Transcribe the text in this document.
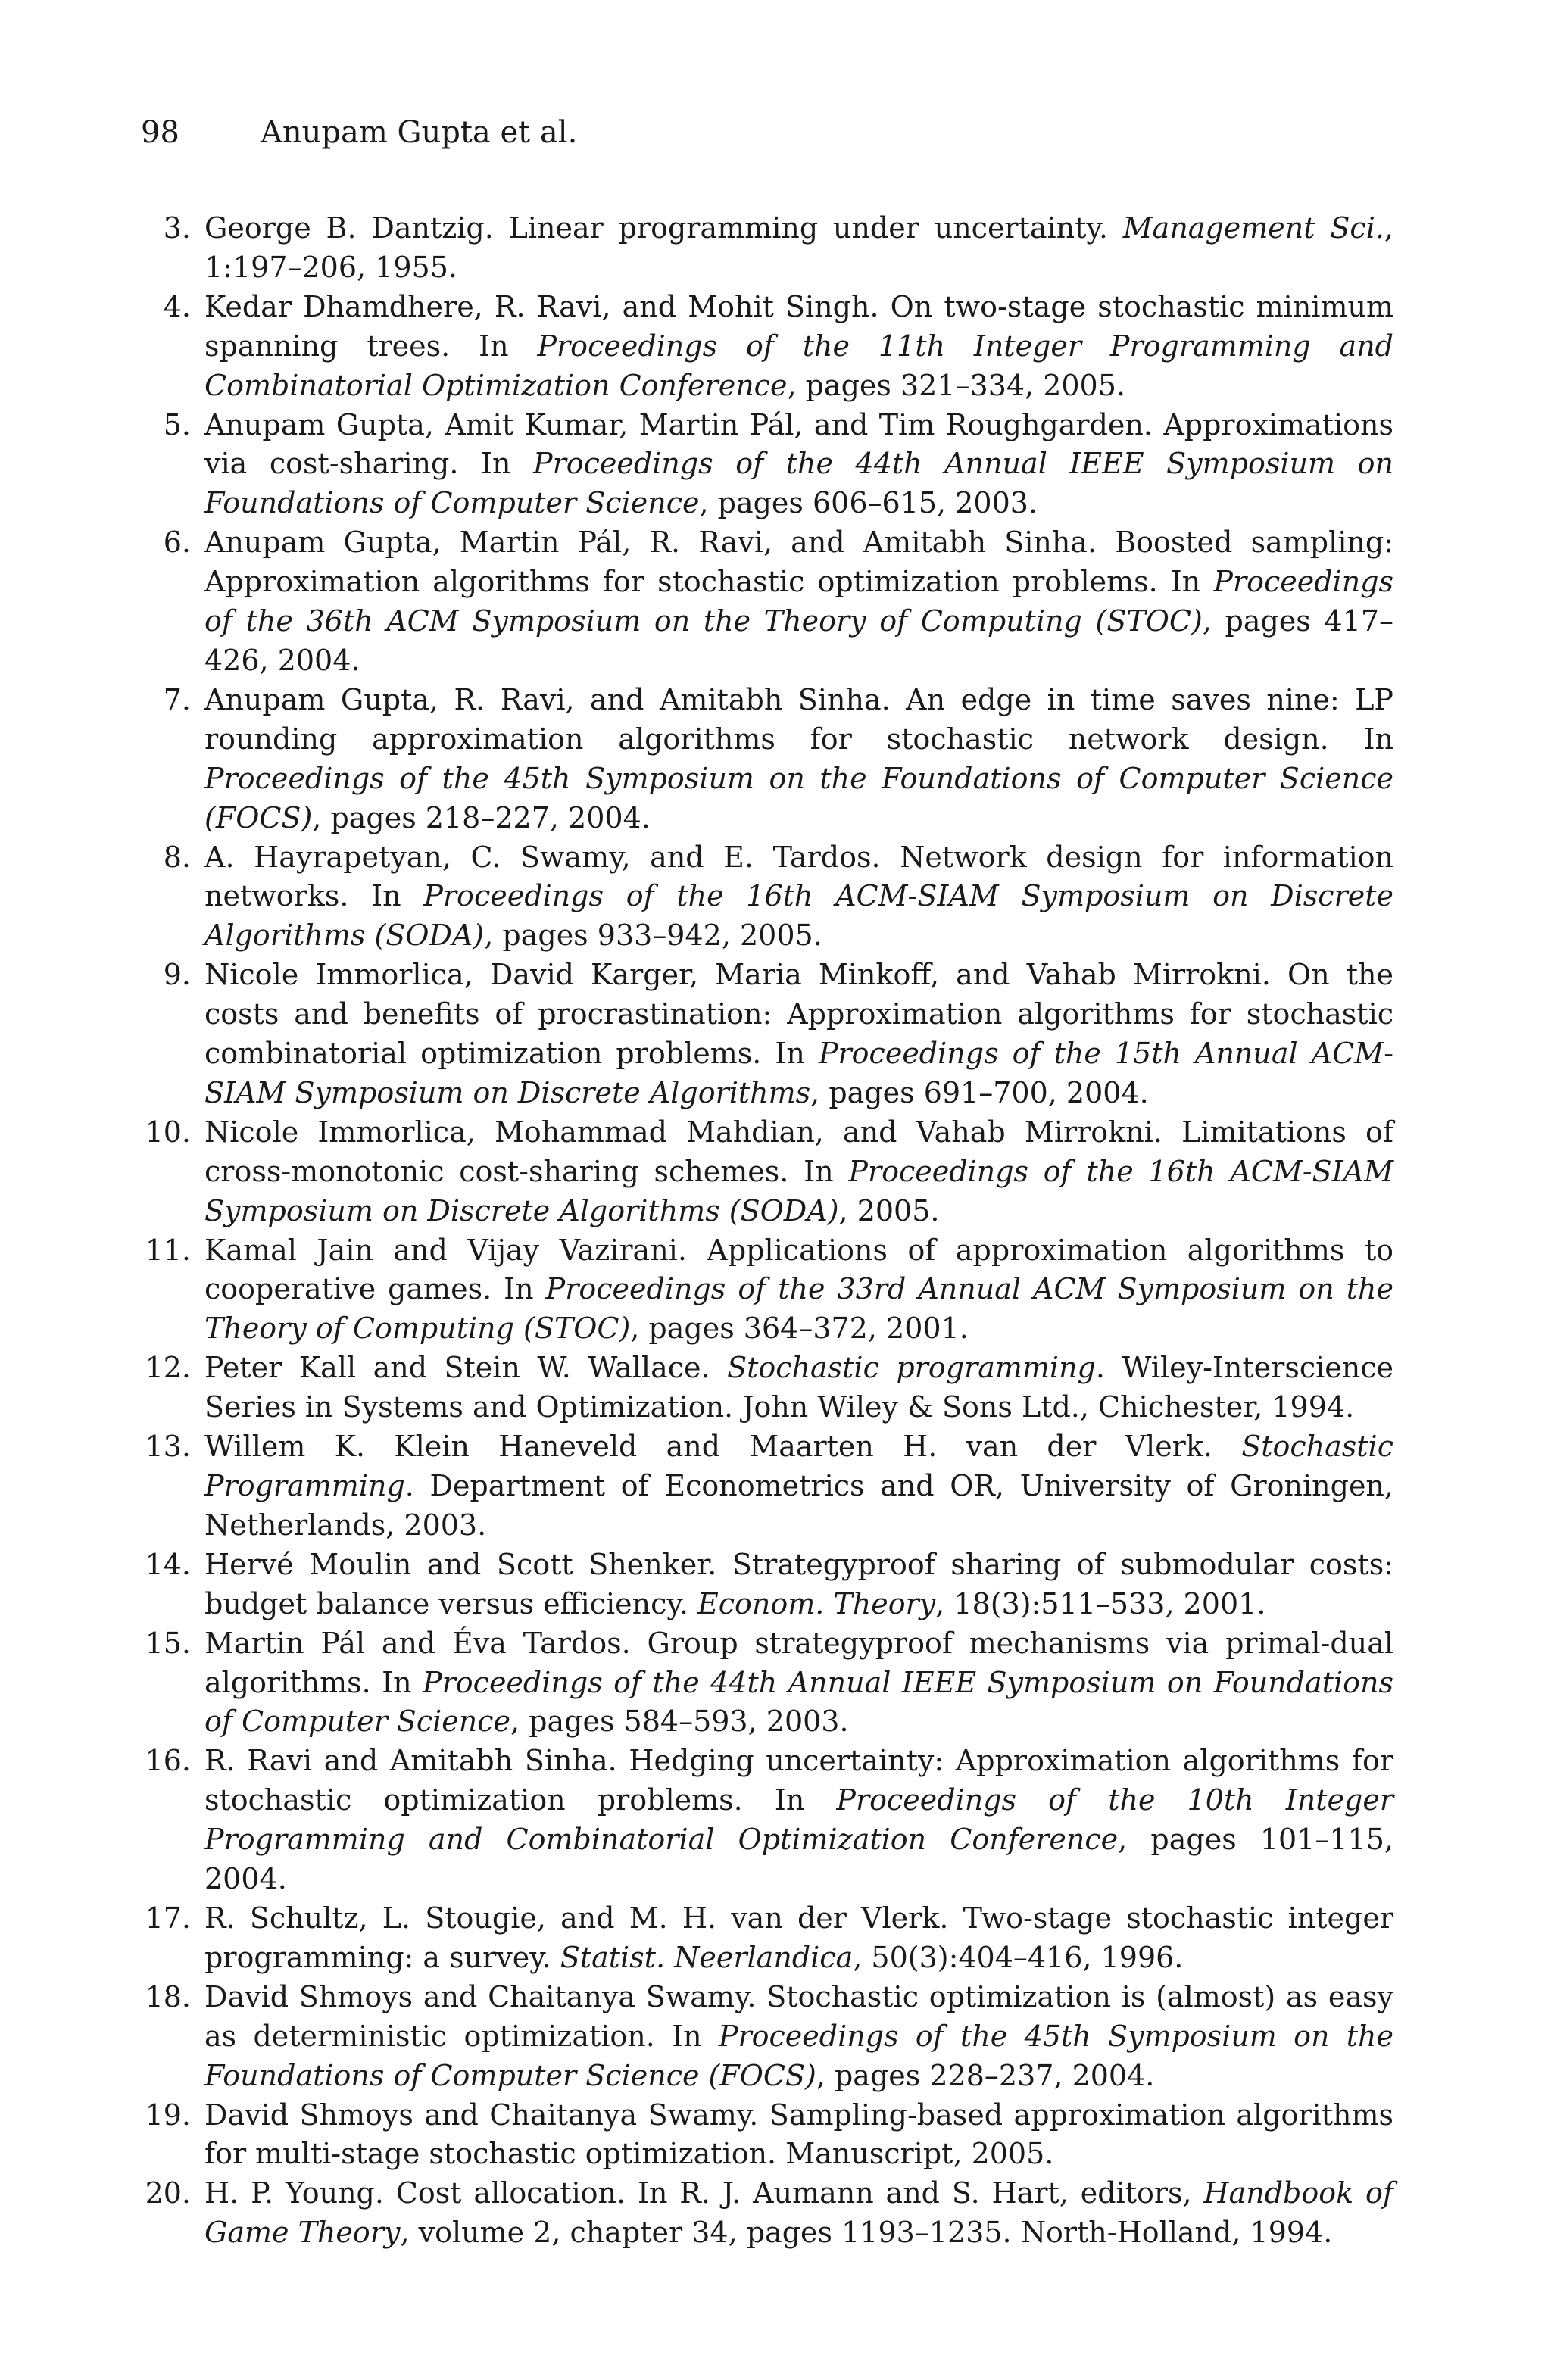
98	Anupam Gupta et al.
3. George B. Dantzig. Linear programming under uncertainty. Management Sci., 1:197–206, 1955.
4. Kedar Dhamdhere, R. Ravi, and Mohit Singh. On two-stage stochastic minimum spanning trees. In Proceedings of the 11th Integer Programming and Combinatorial Optimization Conference, pages 321–334, 2005.
5. Anupam Gupta, Amit Kumar, Martin Pál, and Tim Roughgarden. Approximations via cost-sharing. In Proceedings of the 44th Annual IEEE Symposium on Foundations of Computer Science, pages 606–615, 2003.
6. Anupam Gupta, Martin Pál, R. Ravi, and Amitabh Sinha. Boosted sampling: Approximation algorithms for stochastic optimization problems. In Proceedings of the 36th ACM Symposium on the Theory of Computing (STOC), pages 417–426, 2004.
7. Anupam Gupta, R. Ravi, and Amitabh Sinha. An edge in time saves nine: LP rounding approximation algorithms for stochastic network design. In Proceedings of the 45th Symposium on the Foundations of Computer Science (FOCS), pages 218–227, 2004.
8. A. Hayrapetyan, C. Swamy, and E. Tardos. Network design for information networks. In Proceedings of the 16th ACM-SIAM Symposium on Discrete Algorithms (SODA), pages 933–942, 2005.
9. Nicole Immorlica, David Karger, Maria Minkoff, and Vahab Mirrokni. On the costs and benefits of procrastination: Approximation algorithms for stochastic combinatorial optimization problems. In Proceedings of the 15th Annual ACM-SIAM Symposium on Discrete Algorithms, pages 691–700, 2004.
10. Nicole Immorlica, Mohammad Mahdian, and Vahab Mirrokni. Limitations of cross-monotonic cost-sharing schemes. In Proceedings of the 16th ACM-SIAM Symposium on Discrete Algorithms (SODA), 2005.
11. Kamal Jain and Vijay Vazirani. Applications of approximation algorithms to cooperative games. In Proceedings of the 33rd Annual ACM Symposium on the Theory of Computing (STOC), pages 364–372, 2001.
12. Peter Kall and Stein W. Wallace. Stochastic programming. Wiley-Interscience Series in Systems and Optimization. John Wiley & Sons Ltd., Chichester, 1994.
13. Willem K. Klein Haneveld and Maarten H. van der Vlerk. Stochastic Programming. Department of Econometrics and OR, University of Groningen, Netherlands, 2003.
14. Hervé Moulin and Scott Shenker. Strategyproof sharing of submodular costs: budget balance versus efficiency. Econom. Theory, 18(3):511–533, 2001.
15. Martin Pál and Éva Tardos. Group strategyproof mechanisms via primal-dual algorithms. In Proceedings of the 44th Annual IEEE Symposium on Foundations of Computer Science, pages 584–593, 2003.
16. R. Ravi and Amitabh Sinha. Hedging uncertainty: Approximation algorithms for stochastic optimization problems. In Proceedings of the 10th Integer Programming and Combinatorial Optimization Conference, pages 101–115, 2004.
17. R. Schultz, L. Stougie, and M. H. van der Vlerk. Two-stage stochastic integer programming: a survey. Statist. Neerlandica, 50(3):404–416, 1996.
18. David Shmoys and Chaitanya Swamy. Stochastic optimization is (almost) as easy as deterministic optimization. In Proceedings of the 45th Symposium on the Foundations of Computer Science (FOCS), pages 228–237, 2004.
19. David Shmoys and Chaitanya Swamy. Sampling-based approximation algorithms for multi-stage stochastic optimization. Manuscript, 2005.
20. H. P. Young. Cost allocation. In R. J. Aumann and S. Hart, editors, Handbook of Game Theory, volume 2, chapter 34, pages 1193–1235. North-Holland, 1994.
